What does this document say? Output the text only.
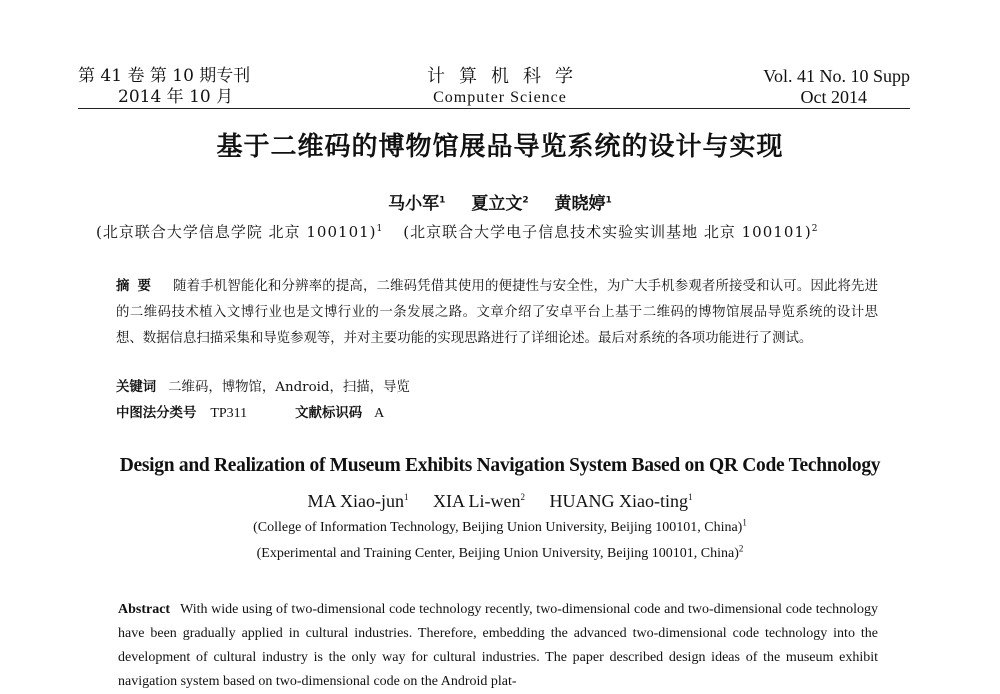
第 41 卷 第 10 期专刊
2014 年 10 月
计算机科学
Computer Science
Vol. 41 No. 10 Supp
Oct 2014
基于二维码的博物馆展品导览系统的设计与实现
马小军$^1$ 夏立文$^2$ 黄晓婷$^1$
(北京联合大学信息学院 北京 100101)$^1$ (北京联合大学电子信息技术实验实训基地 北京 100101)$^2$
摘要 随着手机智能化和分辨率的提高，二维码凭借其使用的便捷性与安全性，为广大手机参观者所接受和认可。因此将先进的二维码技术植入文博行业也是文博行业的一条发展之路。文章介绍了安卓平台上基于二维码的博物馆展品导览系统的设计思想、数据信息扫描采集和导览参观等，并对主要功能的实现思路进行了详细论述。最后对系统的各项功能进行了测试。
关键词 二维码，博物馆，Android，扫描，导览
中图法分类号 TP311	文献标识码 A
Design and Realization of Museum Exhibits Navigation System Based on QR Code Technology
MA Xiao-jun$^1$ XIA Li-wen$^2$ HUANG Xiao-ting$^1$
(College of Information Technology, Beijing Union University, Beijing 100101, China)$^1$
(Experimental and Training Center, Beijing Union University, Beijing 100101, China)$^2$
Abstract With wide using of two-dimensional code technology recently, two-dimensional code and two-dimensional code technology have been gradually applied in cultural industries. Therefore, embedding the advanced two-dimensional code technology into the development of cultural industry is the only way for cultural industries. The paper described design ideas of the museum exhibit navigation system based on two-dimensional code on the Android plat-
